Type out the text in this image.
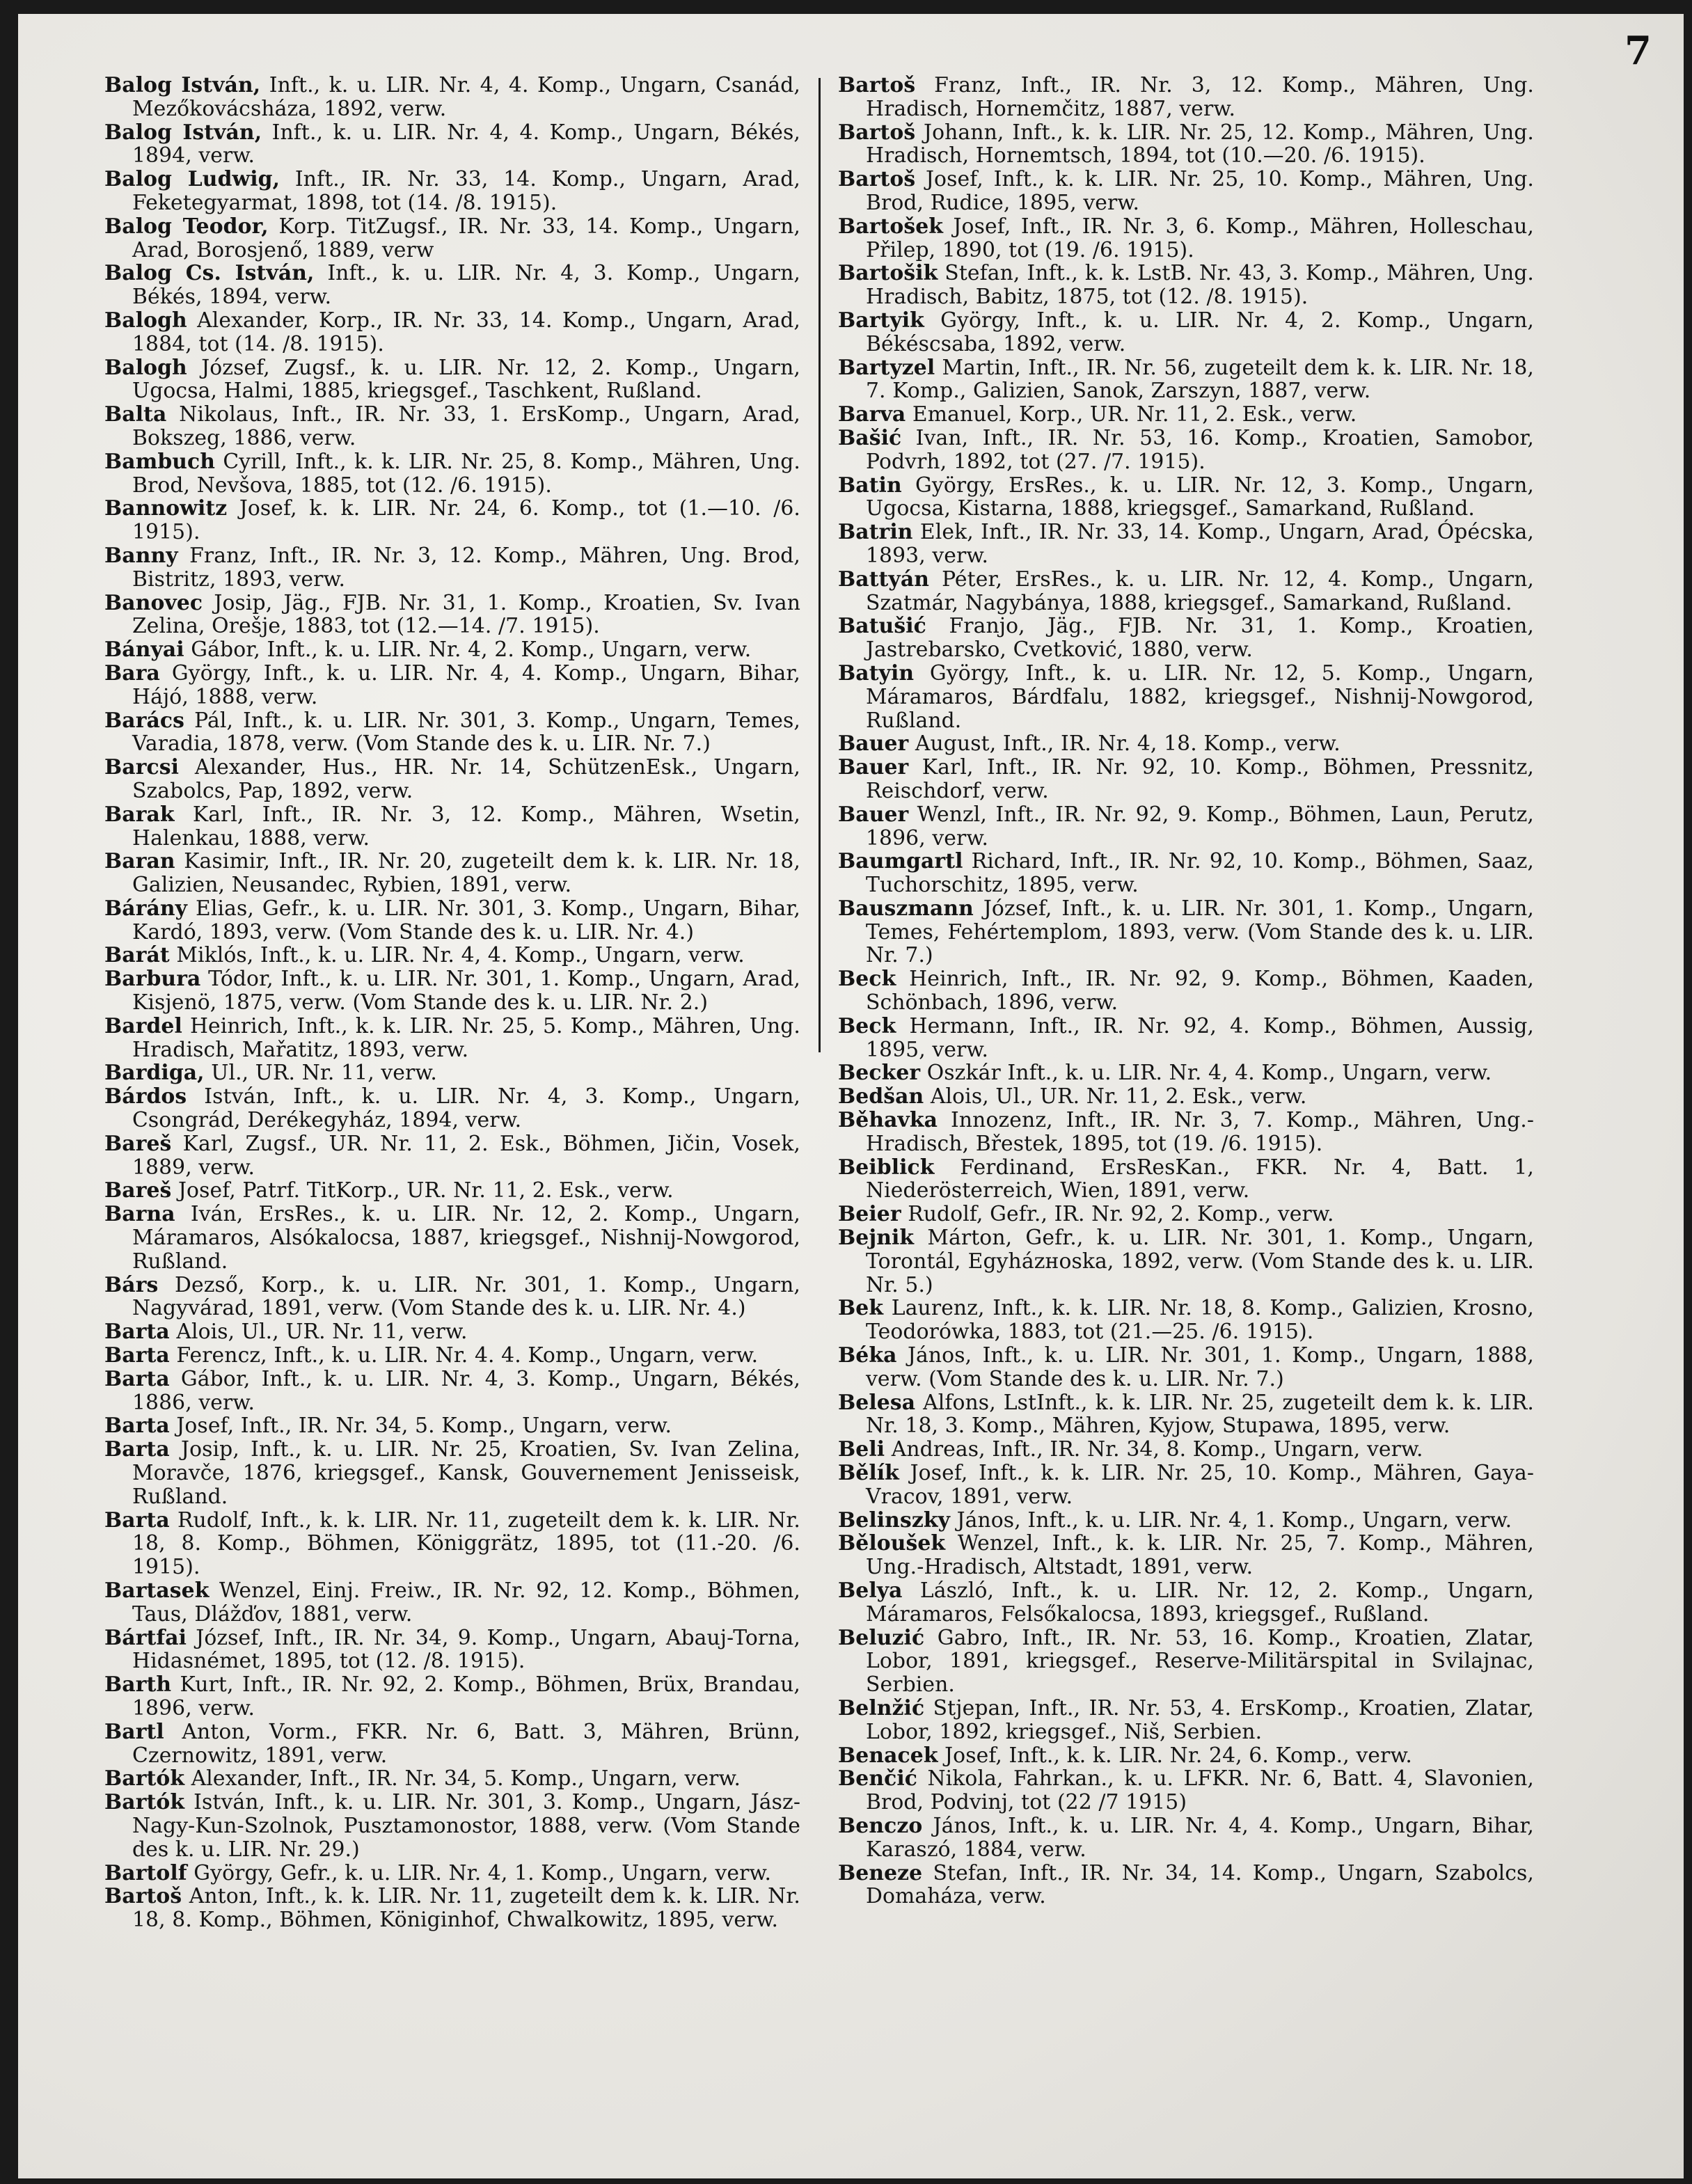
7
Balog István, Inft., k. u. LIR. Nr. 4, 4. Komp., Ungarn, Csanád, Mezőkovácsháza, 1892, verw.
Balog István, Inft., k. u. LIR. Nr. 4, 4. Komp., Ungarn, Békés, 1894, verw.
Balog Ludwig, Inft., IR. Nr. 33, 14. Komp., Ungarn, Arad, Feketegyarmat, 1898, tot (14. /8. 1915).
Balog Teodor, Korp. TitZugsf., IR. Nr. 33, 14. Komp., Ungarn, Arad, Borosjenő, 1889, verw
Balog Cs. István, Inft., k. u. LIR. Nr. 4, 3. Komp., Ungarn, Békés, 1894, verw.
Balogh Alexander, Korp., IR. Nr. 33, 14. Komp., Ungarn, Arad, 1884, tot (14. /8. 1915).
Balogh József, Zugsf., k. u. LIR. Nr. 12, 2. Komp., Ungarn, Ugocsa, Halmi, 1885, kriegsgef., Taschkent, Rußland.
Balta Nikolaus, Inft., IR. Nr. 33, 1. ErsKomp., Ungarn, Arad, Bokszeg, 1886, verw.
Bambuch Cyrill, Inft., k. k. LIR. Nr. 25, 8. Komp., Mähren, Ung. Brod, Nevšova, 1885, tot (12. /6. 1915).
Bannowitz Josef, k. k. LIR. Nr. 24, 6. Komp., tot (1.—10. /6. 1915).
Banny Franz, Inft., IR. Nr. 3, 12. Komp., Mähren, Ung. Brod, Bistritz, 1893, verw.
Banovec Josip, Jäg., FJB. Nr. 31, 1. Komp., Kroatien, Sv. Ivan Zelina, Orešje, 1883, tot (12.—14. /7. 1915).
Bányai Gábor, Inft., k. u. LIR. Nr. 4, 2. Komp., Ungarn, verw.
Bara György, Inft., k. u. LIR. Nr. 4, 4. Komp., Ungarn, Bihar, Hájó, 1888, verw.
Barács Pál, Inft., k. u. LIR. Nr. 301, 3. Komp., Ungarn, Temes, Varadia, 1878, verw. (Vom Stande des k. u. LIR. Nr. 7.)
Barcsi Alexander, Hus., HR. Nr. 14, SchützenEsk., Ungarn, Szabolcs, Pap, 1892, verw.
Barak Karl, Inft., IR. Nr. 3, 12. Komp., Mähren, Wsetin, Halenkau, 1888, verw.
Baran Kasimir, Inft., IR. Nr. 20, zugeteilt dem k. k. LIR. Nr. 18, Galizien, Neusandec, Rybien, 1891, verw.
Bárány Elias, Gefr., k. u. LIR. Nr. 301, 3. Komp., Ungarn, Bihar, Kardó, 1893, verw. (Vom Stande des k. u. LIR. Nr. 4.)
Barát Miklós, Inft., k. u. LIR. Nr. 4, 4. Komp., Ungarn, verw.
Barbura Tódor, Inft., k. u. LIR. Nr. 301, 1. Komp., Ungarn, Arad, Kisjenö, 1875, verw. (Vom Stande des k. u. LIR. Nr. 2.)
Bardel Heinrich, Inft., k. k. LIR. Nr. 25, 5. Komp., Mähren, Ung. Hradisch, Mařatitz, 1893, verw.
Bardiga, Ul., UR. Nr. 11, verw.
Bárdos István, Inft., k. u. LIR. Nr. 4, 3. Komp., Ungarn, Csongrád, Derékegyház, 1894, verw.
Bareš Karl, Zugsf., UR. Nr. 11, 2. Esk., Böhmen, Jičin, Vosek, 1889, verw.
Bareš Josef, Patrf. TitKorp., UR. Nr. 11, 2. Esk., verw.
Barna Iván, ErsRes., k. u. LIR. Nr. 12, 2. Komp., Ungarn, Máramaros, Alsókalocsa, 1887, kriegsgef., Nishnij-Nowgorod, Rußland.
Bárs Dezső, Korp., k. u. LIR. Nr. 301, 1. Komp., Ungarn, Nagyvárad, 1891, verw. (Vom Stande des k. u. LIR. Nr. 4.)
Barta Alois, Ul., UR. Nr. 11, verw.
Barta Ferencz, Inft., k. u. LIR. Nr. 4. 4. Komp., Ungarn, verw.
Barta Gábor, Inft., k. u. LIR. Nr. 4, 3. Komp., Ungarn, Békés, 1886, verw.
Barta Josef, Inft., IR. Nr. 34, 5. Komp., Ungarn, verw.
Barta Josip, Inft., k. u. LIR. Nr. 25, Kroatien, Sv. Ivan Zelina, Moravče, 1876, kriegsgef., Kansk, Gouvernement Jenisseisk, Rußland.
Barta Rudolf, Inft., k. k. LIR. Nr. 11, zugeteilt dem k. k. LIR. Nr. 18, 8. Komp., Böhmen, Königgrätz, 1895, tot (11.-20. /6. 1915).
Bartasek Wenzel, Einj. Freiw., IR. Nr. 92, 12. Komp., Böhmen, Taus, Dlážďov, 1881, verw.
Bártfai József, Inft., IR. Nr. 34, 9. Komp., Ungarn, Abauj-Torna, Hidasnémet, 1895, tot (12. /8. 1915).
Barth Kurt, Inft., IR. Nr. 92, 2. Komp., Böhmen, Brüx, Brandau, 1896, verw.
Bartl Anton, Vorm., FKR. Nr. 6, Batt. 3, Mähren, Brünn, Czernowitz, 1891, verw.
Bartók Alexander, Inft., IR. Nr. 34, 5. Komp., Ungarn, verw.
Bartók István, Inft., k. u. LIR. Nr. 301, 3. Komp., Ungarn, Jász-Nagy-Kun-Szolnok, Pusztamonostor, 1888, verw. (Vom Stande des k. u. LIR. Nr. 29.)
Bartolf György, Gefr., k. u. LIR. Nr. 4, 1. Komp., Ungarn, verw.
Bartoš Anton, Inft., k. k. LIR. Nr. 11, zugeteilt dem k. k. LIR. Nr. 18, 8. Komp., Böhmen, Königinhof, Chwalkowitz, 1895, verw.
Bartoš Franz, Inft., IR. Nr. 3, 12. Komp., Mähren, Ung. Hradisch, Hornemčitz, 1887, verw.
Bartoš Johann, Inft., k. k. LIR. Nr. 25, 12. Komp., Mähren, Ung. Hradisch, Hornemtsch, 1894, tot (10.—20. /6. 1915).
Bartoš Josef, Inft., k. k. LIR. Nr. 25, 10. Komp., Mähren, Ung. Brod, Rudice, 1895, verw.
Bartošek Josef, Inft., IR. Nr. 3, 6. Komp., Mähren, Holleschau, Přilep, 1890, tot (19. /6. 1915).
Bartošik Stefan, Inft., k. k. LstB. Nr. 43, 3. Komp., Mähren, Ung. Hradisch, Babitz, 1875, tot (12. /8. 1915).
Bartyik György, Inft., k. u. LIR. Nr. 4, 2. Komp., Ungarn, Békéscsaba, 1892, verw.
Bartyzel Martin, Inft., IR. Nr. 56, zugeteilt dem k. k. LIR. Nr. 18, 7. Komp., Galizien, Sanok, Zarszyn, 1887, verw.
Barva Emanuel, Korp., UR. Nr. 11, 2. Esk., verw.
Bašić Ivan, Inft., IR. Nr. 53, 16. Komp., Kroatien, Samobor, Podvrh, 1892, tot (27. /7. 1915).
Batin György, ErsRes., k. u. LIR. Nr. 12, 3. Komp., Ungarn, Ugocsa, Kistarna, 1888, kriegsgef., Samarkand, Rußland.
Batrin Elek, Inft., IR. Nr. 33, 14. Komp., Ungarn, Arad, Ópécska, 1893, verw.
Battyán Péter, ErsRes., k. u. LIR. Nr. 12, 4. Komp., Ungarn, Szatmár, Nagybánya, 1888, kriegsgef., Samarkand, Rußland.
Batušić Franjo, Jäg., FJB. Nr. 31, 1. Komp., Kroatien, Jastrebarsko, Cvetković, 1880, verw.
Batyin György, Inft., k. u. LIR. Nr. 12, 5. Komp., Ungarn, Máramaros, Bárdfalu, 1882, kriegsgef., Nishnij-Nowgorod, Rußland.
Bauer August, Inft., IR. Nr. 4, 18. Komp., verw.
Bauer Karl, Inft., IR. Nr. 92, 10. Komp., Böhmen, Pressnitz, Reischdorf, verw.
Bauer Wenzl, Inft., IR. Nr. 92, 9. Komp., Böhmen, Laun, Perutz, 1896, verw.
Baumgartl Richard, Inft., IR. Nr. 92, 10. Komp., Böhmen, Saaz, Tuchorschitz, 1895, verw.
Bauszmann József, Inft., k. u. LIR. Nr. 301, 1. Komp., Ungarn, Temes, Fehértemplom, 1893, verw. (Vom Stande des k. u. LIR. Nr. 7.)
Beck Heinrich, Inft., IR. Nr. 92, 9. Komp., Böhmen, Kaaden, Schönbach, 1896, verw.
Beck Hermann, Inft., IR. Nr. 92, 4. Komp., Böhmen, Aussig, 1895, verw.
Becker Oszkár Inft., k. u. LIR. Nr. 4, 4. Komp., Ungarn, verw.
Bedšan Alois, Ul., UR. Nr. 11, 2. Esk., verw.
Běhavka Innozenz, Inft., IR. Nr. 3, 7. Komp., Mähren, Ung.-Hradisch, Břestek, 1895, tot (19. /6. 1915).
Beiblick Ferdinand, ErsResKan., FKR. Nr. 4, Batt. 1, Niederösterreich, Wien, 1891, verw.
Beier Rudolf, Gefr., IR. Nr. 92, 2. Komp., verw.
Bejnik Márton, Gefr., k. u. LIR. Nr. 301, 1. Komp., Ungarn, Torontál, Egyházноska, 1892, verw. (Vom Stande des k. u. LIR. Nr. 5.)
Bek Laurenz, Inft., k. k. LIR. Nr. 18, 8. Komp., Galizien, Krosno, Teodorówka, 1883, tot (21.—25. /6. 1915).
Béka János, Inft., k. u. LIR. Nr. 301, 1. Komp., Ungarn, 1888, verw. (Vom Stande des k. u. LIR. Nr. 7.)
Belesa Alfons, LstInft., k. k. LIR. Nr. 25, zugeteilt dem k. k. LIR. Nr. 18, 3. Komp., Mähren, Kyjow, Stupawa, 1895, verw.
Beli Andreas, Inft., IR. Nr. 34, 8. Komp., Ungarn, verw.
Bělík Josef, Inft., k. k. LIR. Nr. 25, 10. Komp., Mähren, Gaya-Vracov, 1891, verw.
Belinszky János, Inft., k. u. LIR. Nr. 4, 1. Komp., Ungarn, verw.
Běloušek Wenzel, Inft., k. k. LIR. Nr. 25, 7. Komp., Mähren, Ung.-Hradisch, Altstadt, 1891, verw.
Belya László, Inft., k. u. LIR. Nr. 12, 2. Komp., Ungarn, Máramaros, Felsőkalocsa, 1893, kriegsgef., Rußland.
Beluzić Gabro, Inft., IR. Nr. 53, 16. Komp., Kroatien, Zlatar, Lobor, 1891, kriegsgef., Reserve-Militärspital in Svilajnac, Serbien.
Belnžić Stjepan, Inft., IR. Nr. 53, 4. ErsKomp., Kroatien, Zlatar, Lobor, 1892, kriegsgef., Niš, Serbien.
Benacek Josef, Inft., k. k. LIR. Nr. 24, 6. Komp., verw.
Benčić Nikola, Fahrkan., k. u. LFKR. Nr. 6, Batt. 4, Slavonien, Brod, Podvinj, tot (22 /7 1915)
Benczo János, Inft., k. u. LIR. Nr. 4, 4. Komp., Ungarn, Bihar, Karaszó, 1884, verw.
Beneze Stefan, Inft., IR. Nr. 34, 14. Komp., Ungarn, Szabolcs, Domaháza, verw.
